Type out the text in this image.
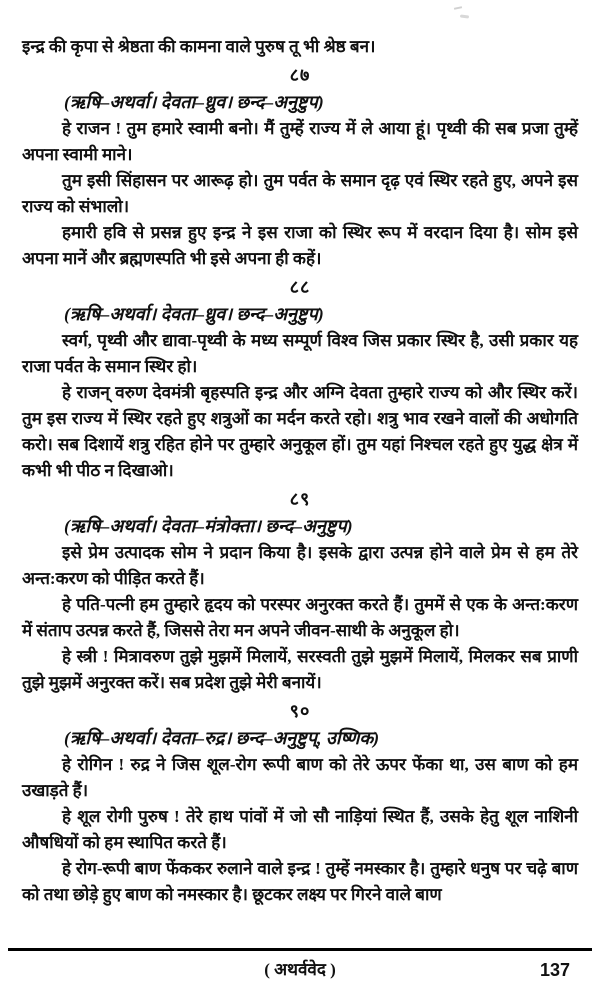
इन्द्र की कृपा से श्रेष्ठता की कामना वाले पुरुष तू भी श्रेष्ठ बन।

८७
(ऋषि–अथर्वा। देवता–ध्रुव। छन्द–अनुष्टुप)

हे राजन ! तुम हमारे स्वामी बनो। मैं तुम्हें राज्य में ले आया हूं। पृथ्वी की सब प्रजा तुम्हें अपना स्वामी माने।

तुम इसी सिंहासन पर आरूढ़ हो। तुम पर्वत के समान दृढ़ एवं स्थिर रहते हुए, अपने इस राज्य को संभालो।

हमारी हवि से प्रसन्न हुए इन्द्र ने इस राजा को स्थिर रूप में वरदान दिया है। सोम इसे अपना मानें और ब्रह्मणस्पति भी इसे अपना ही कहें।

८८
(ऋषि–अथर्वा। देवता–ध्रुव। छन्द–अनुष्टुप)

स्वर्ग, पृथ्वी और द्यावा-पृथ्वी के मध्य सम्पूर्ण विश्व जिस प्रकार स्थिर है, उसी प्रकार यह राजा पर्वत के समान स्थिर हो।

हे राजन् वरुण देवमंत्री बृहस्पति इन्द्र और अग्नि देवता तुम्हारे राज्य को और स्थिर करें। तुम इस राज्य में स्थिर रहते हुए शत्रुओं का मर्दन करते रहो। शत्रु भाव रखने वालों की अधोगति करो। सब दिशायें शत्रु रहित होने पर तुम्हारे अनुकूल हों। तुम यहां निश्चल रहते हुए युद्ध क्षेत्र में कभी भी पीठ न दिखाओ।

८९
(ऋषि–अथर्वा। देवता–मंत्रोक्ता। छन्द–अनुष्टुप)

इसे प्रेम उत्पादक सोम ने प्रदान किया है। इसके द्वारा उत्पन्न होने वाले प्रेम से हम तेरे अन्त:करण को पीड़ित करते हैं।

हे पति-पत्नी हम तुम्हारे हृदय को परस्पर अनुरक्त करते हैं। तुममें से एक के अन्त:करण में संताप उत्पन्न करते हैं, जिससे तेरा मन अपने जीवन-साथी के अनुकूल हो।

हे स्त्री ! मित्रावरुण तुझे मुझमें मिलायें, सरस्वती तुझे मुझमें मिलायें, मिलकर सब प्राणी तुझे मुझमें अनुरक्त करें। सब प्रदेश तुझे मेरी बनायें।

९०
(ऋषि–अथर्वा। देवता–रुद्र। छन्द–अनुष्टुप्, उष्णिक)

हे रोगिन ! रुद्र ने जिस शूल-रोग रूपी बाण को तेरे ऊपर फेंका था, उस बाण को हम उखाड़ते हैं।

हे शूल रोगी पुरुष ! तेरे हाथ पांवों में जो सौ नाड़ियां स्थित हैं, उसके हेतु शूल नाशिनी औषधियों को हम स्थापित करते हैं।

हे रोग-रूपी बाण फेंककर रुलाने वाले इन्द्र ! तुम्हें नमस्कार है। तुम्हारे धनुष पर चढ़े बाण को तथा छोड़े हुए बाण को नमस्कार है। छूटकर लक्ष्य पर गिरने वाले बाण

( अथर्ववेद )	137
